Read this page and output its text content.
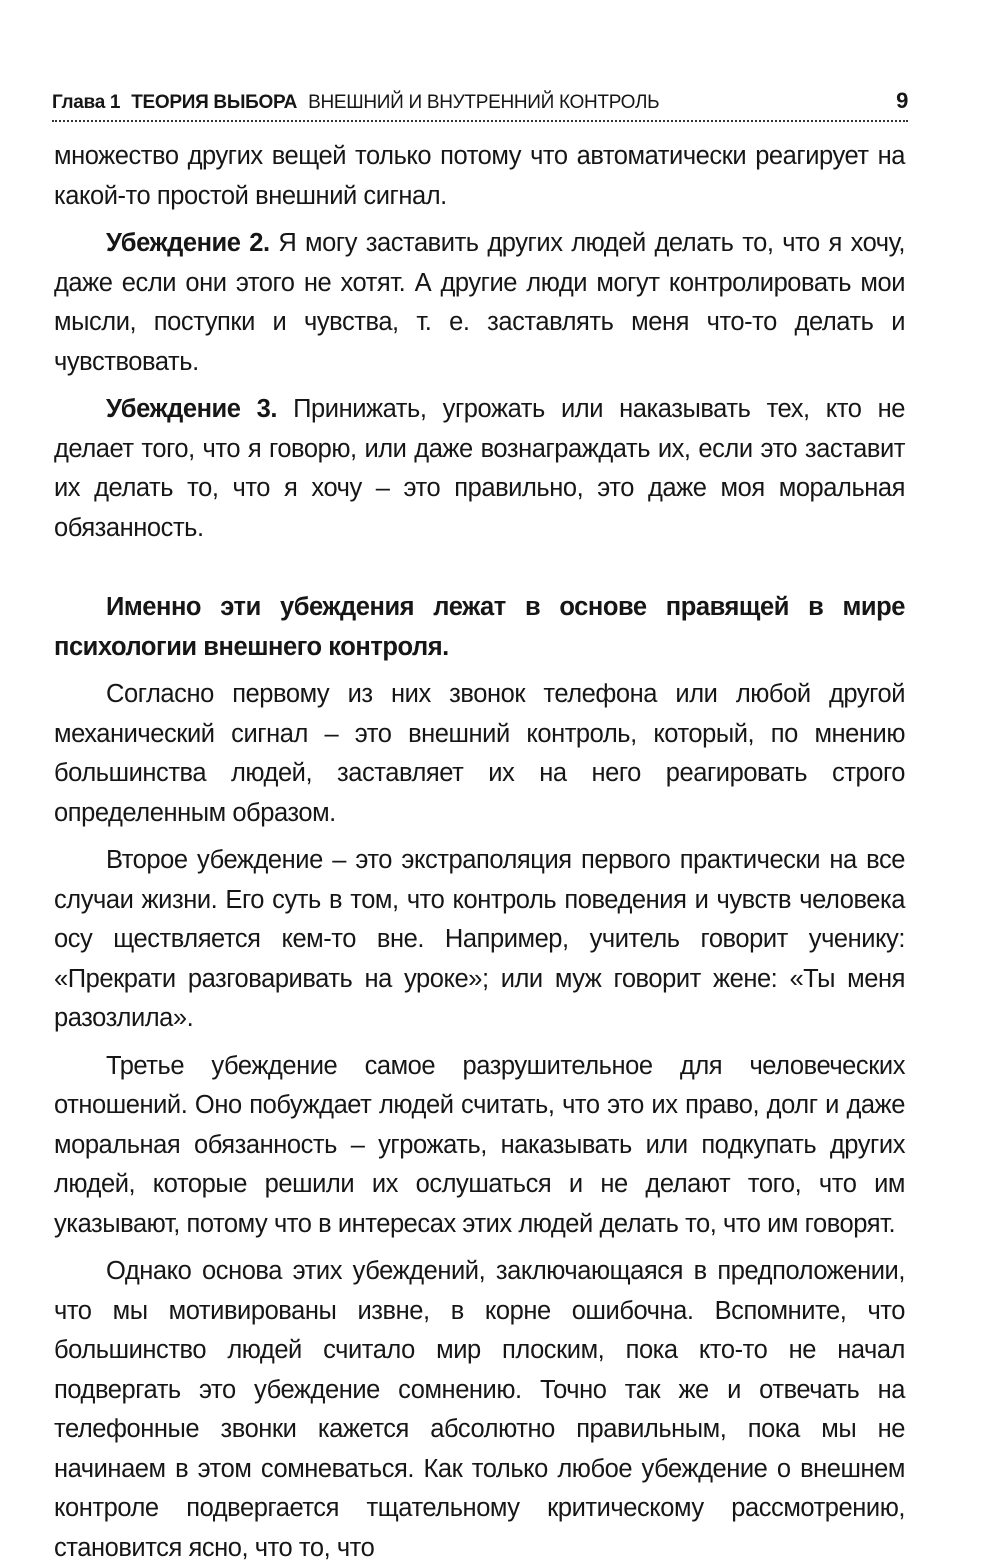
Глава 1 ТЕОРИЯ ВЫБОРА ВНЕШНИЙ И ВНУТРЕННИЙ КОНТРОЛЬ	9

множество других вещей только потому что автоматически реагирует на какой-то простой внешний сигнал.

Убеждение 2. Я могу заставить других людей делать то, что я хочу, даже если они этого не хотят. А другие люди могут контролировать мои мысли, поступки и чувства, т. е. заставлять меня что-то делать и чувствовать.

Убеждение 3. Принижать, угрожать или наказывать тех, кто не делает того, что я говорю, или даже вознаграждать их, если это заставит их делать то, что я хочу – это правильно, это даже моя моральная обязанность.

Именно эти убеждения лежат в основе правящей в мире психологии внешнего контроля.

Согласно первому из них звонок телефона или любой другой механический сигнал – это внешний контроль, который, по мнению большинства людей, заставляет их на него реагировать строго определенным образом.

Второе убеждение – это экстраполяция первого практически на все случаи жизни. Его суть в том, что контроль поведения и чувств человека осу ществляется кем-то вне. Например, учитель говорит ученику: «Прекрати разговаривать на уроке»; или муж говорит жене: «Ты меня разозлила».

Третье убеждение самое разрушительное для человеческих отношений. Оно побуждает людей считать, что это их право, долг и даже моральная обязанность – угрожать, наказывать или подкупать других людей, которые решили их ослушаться и не делают того, что им указывают, потому что в интересах этих людей делать то, что им говорят.

Однако основа этих убеждений, заключающаяся в предположении, что мы мотивированы извне, в корне ошибочна. Вспомните, что большинство людей считало мир плоским, пока кто-то не начал подвергать это убеждение сомнению. Точно так же и отвечать на телефонные звонки кажется абсолютно правильным, пока мы не начинаем в этом сомневаться. Как только любое убеждение о внешнем контроле подвергается тщательному критическому рассмотрению, становится ясно, что то, что
